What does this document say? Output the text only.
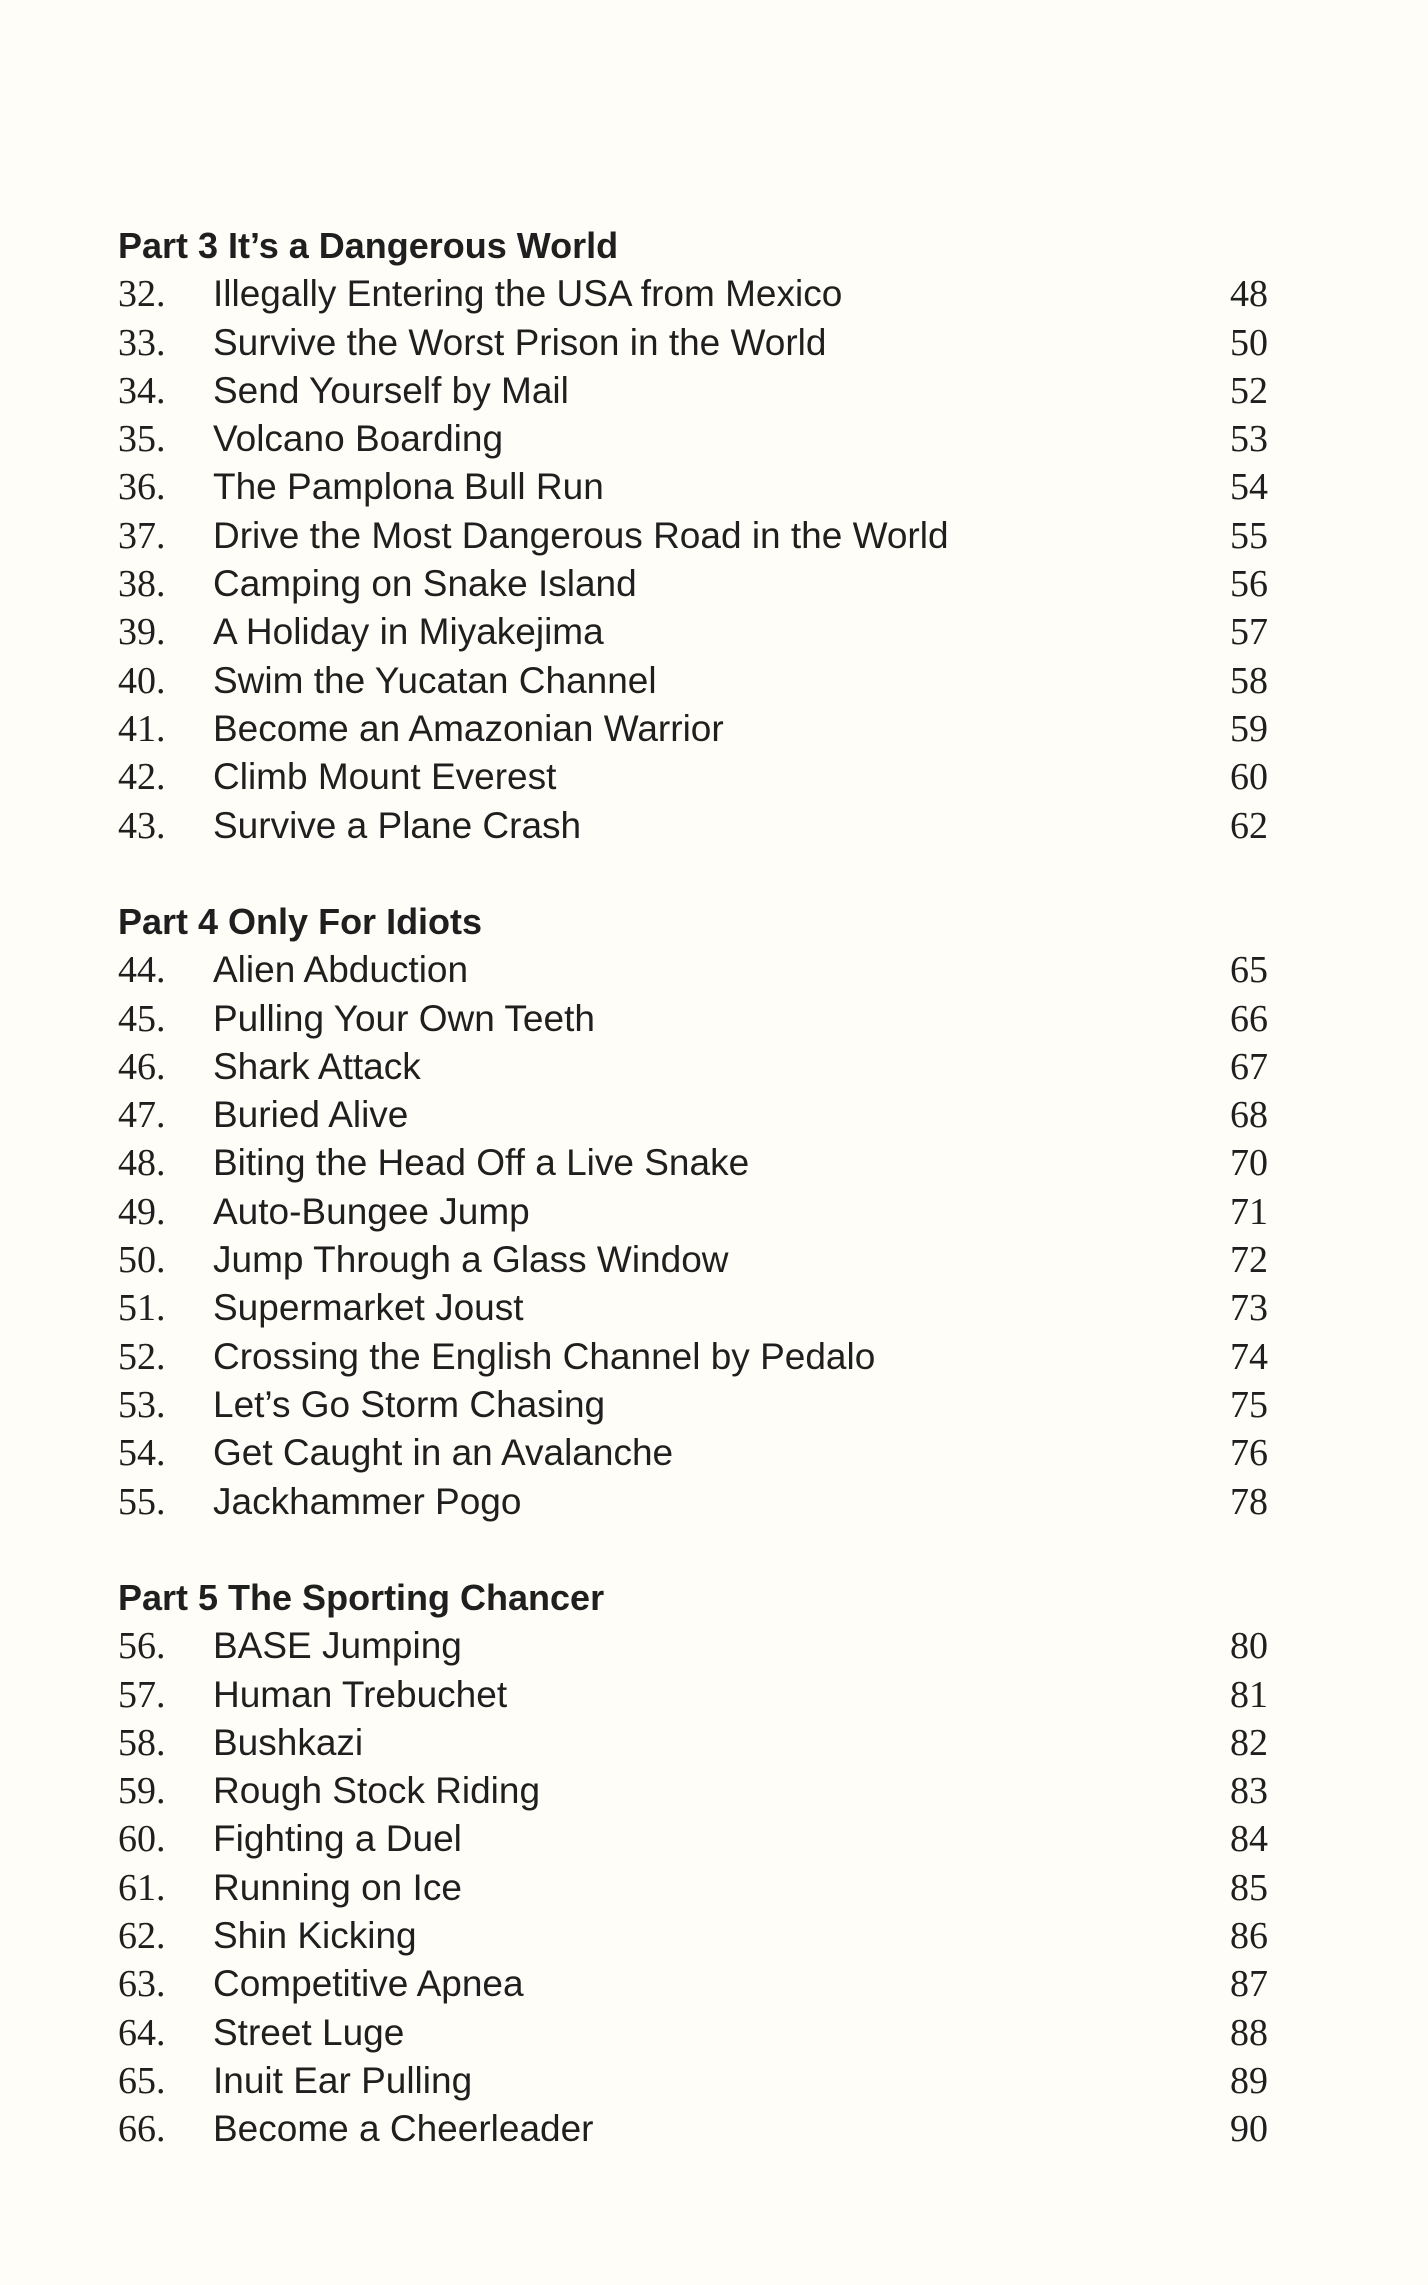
Part 3 It’s a Dangerous World
32. Illegally Entering the USA from Mexico	48
33. Survive the Worst Prison in the World	50
34. Send Yourself by Mail	52
35. Volcano Boarding	53
36. The Pamplona Bull Run	54
37. Drive the Most Dangerous Road in the World	55
38. Camping on Snake Island	56
39. A Holiday in Miyakejima	57
40. Swim the Yucatan Channel	58
41. Become an Amazonian Warrior	59
42. Climb Mount Everest	60
43. Survive a Plane Crash	62
Part 4 Only For Idiots
44. Alien Abduction	65
45. Pulling Your Own Teeth	66
46. Shark Attack	67
47. Buried Alive	68
48. Biting the Head Off a Live Snake	70
49. Auto-Bungee Jump	71
50. Jump Through a Glass Window	72
51. Supermarket Joust	73
52. Crossing the English Channel by Pedalo	74
53. Let’s Go Storm Chasing	75
54. Get Caught in an Avalanche	76
55. Jackhammer Pogo	78
Part 5 The Sporting Chancer
56. BASE Jumping	80
57. Human Trebuchet	81
58. Bushkazi	82
59. Rough Stock Riding	83
60. Fighting a Duel	84
61. Running on Ice	85
62. Shin Kicking	86
63. Competitive Apnea	87
64. Street Luge	88
65. Inuit Ear Pulling	89
66. Become a Cheerleader	90
